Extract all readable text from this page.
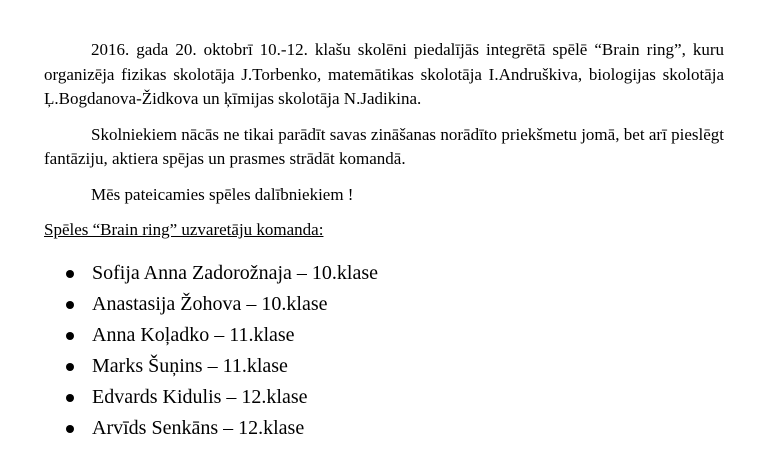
2016. gada 20. oktobrī 10.-12. klašu skolēni piedalījās integrētā spēlē “Brain ring”, kuru organizēja fizikas skolotāja J.Torbenko, matemātikas skolotāja I.Andruškiva, biologijas skolotāja Ļ.Bogdanova-Židkova un ķīmijas skolotāja N.Jadikina.

Skolniekiem nācās ne tikai parādīt savas zināšanas norādīto priekšmetu jomā, bet arī pieslēgt fantāziju, aktiera spējas un prasmes strādāt komandā.

Mēs pateicamies spēles dalībniekiem !

Spēles “Brain ring” uzvaretāju komanda:

Sofija Anna Zadorožnaja – 10.klase
Anastasija Žohova – 10.klase
Anna Koļadko – 11.klase
Marks Šuņins – 11.klase
Edvards Kidulis – 12.klase
Arvīds Senkāns – 12.klase
